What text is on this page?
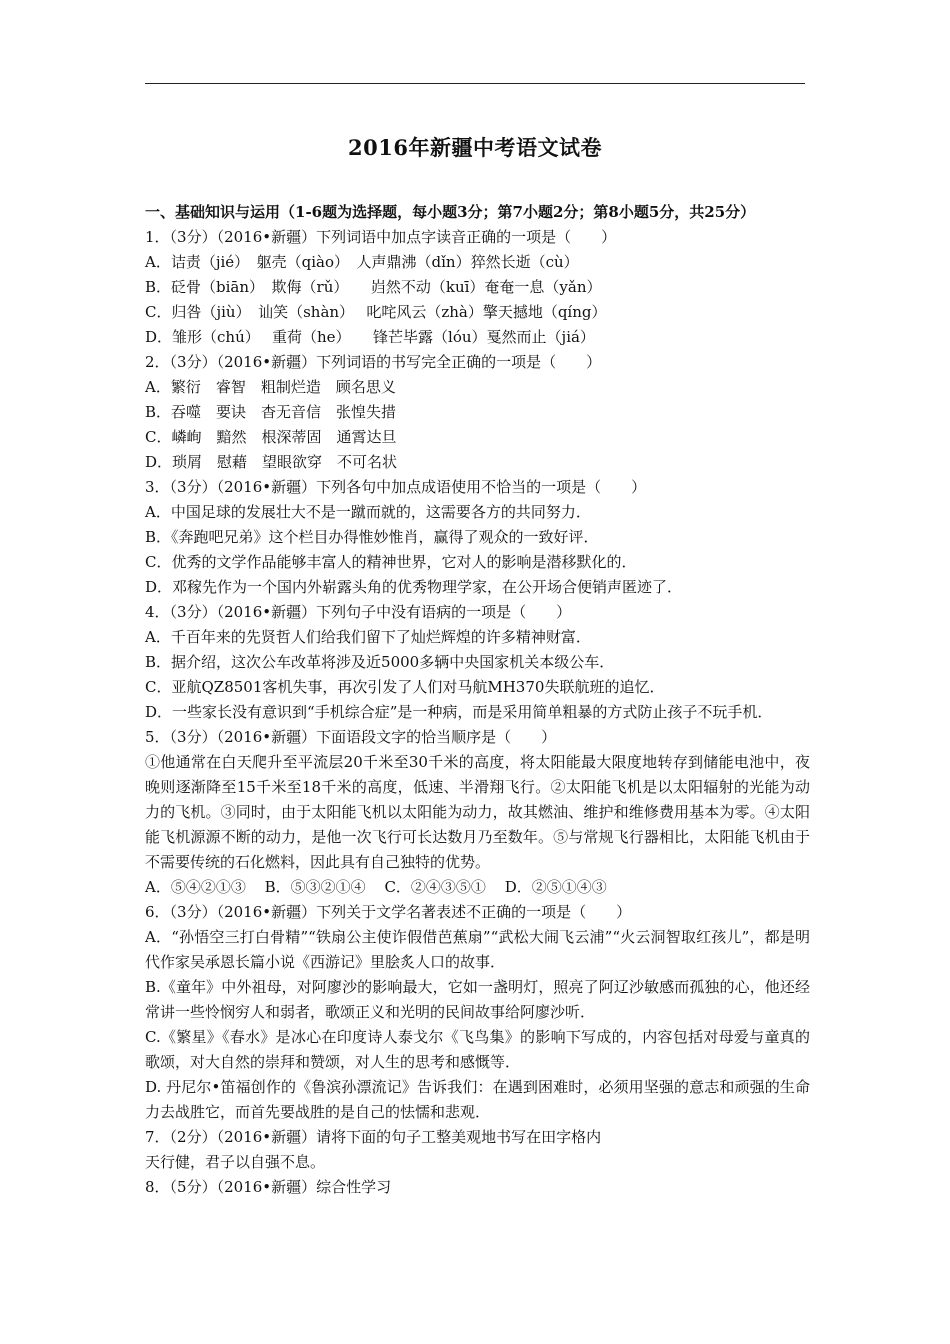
2016年新疆中考语文试卷
一、基础知识与运用（1-6题为选择题，每小题3分；第7小题2分；第8小题5分，共25分）
1．（3分）（2016•新疆）下列词语中加点字读音正确的一项是（　　）
A．诘责（jié）　躯壳（qiào）　人声鼎沸（dǐn）猝然长逝（cù）
B．砭骨（biān）　欺侮（rǔ）　　岿然不动（kuī）奄奄一息（yǎn）
C．归咎（jiù）　讪笑（shàn）　 叱咤风云（zhà）擎天撼地（qíng）
D．雏形（chú）　 重荷（he）　　锋芒毕露（lóu）戛然而止（jiá）
2．（3分）（2016•新疆）下列词语的书写完全正确的一项是（　　）
A．繁衍　睿智　粗制烂造　顾名思义
B．吞噬　要诀　杳无音信　张惶失措
C．嶙峋　黯然　根深蒂固　通霄达旦
D．琐屑　慰藉　望眼欲穿　不可名状
3．（3分）（2016•新疆）下列各句中加点成语使用不恰当的一项是（　　）
A．中国足球的发展壮大不是一蹴而就的，这需要各方的共同努力．
B．《奔跑吧兄弟》这个栏目办得惟妙惟肖，赢得了观众的一致好评．
C．优秀的文学作品能够丰富人的精神世界，它对人的影响是潜移默化的．
D．邓稼先作为一个国内外崭露头角的优秀物理学家，在公开场合便销声匿迹了．
4．（3分）（2016•新疆）下列句子中没有语病的一项是（　　）
A．千百年来的先贤哲人们给我们留下了灿烂辉煌的许多精神财富．
B．据介绍，这次公车改革将涉及近5000多辆中央国家机关本级公车．
C．亚航QZ8501客机失事，再次引发了人们对马航MH370失联航班的追忆．
D．一些家长没有意识到“手机综合症”是一种病，而是采用简单粗暴的方式防止孩子不玩手机．
5．（3分）（2016•新疆）下面语段文字的恰当顺序是（　　）
①他通常在白天爬升至平流层20千米至30千米的高度，将太阳能最大限度地转存到储能电池中，夜晚则逐渐降至15千米至18千米的高度，低速、半滑翔飞行。②太阳能飞机是以太阳辐射的光能为动力的飞机。③同时，由于太阳能飞机以太阳能为动力，故其燃油、维护和维修费用基本为零。④太阳能飞机源源不断的动力，是他一次飞行可长达数月乃至数年。⑤与常规飞行器相比，太阳能飞机由于不需要传统的石化燃料，因此具有自己独特的优势。
A．⑤④②①③ B．⑤③②①④ C．②④③⑤① D．②⑤①④③
6．（3分）（2016•新疆）下列关于文学名著表述不正确的一项是（　　）
A．“孙悟空三打白骨精”“铁扇公主使诈假借芭蕉扇”“武松大闹飞云浦”“火云洞智取红孩儿”，都是明代作家吴承恩长篇小说《西游记》里脍炙人口的故事．
B.《童年》中外祖母，对阿廖沙的影响最大，它如一盏明灯，照亮了阿辽沙敏感而孤独的心，他还经常讲一些怜悯穷人和弱者，歌颂正义和光明的民间故事给阿廖沙听．
C.《繁星》《春水》是冰心在印度诗人泰戈尔《飞鸟集》的影响下写成的，内容包括对母爱与童真的歌颂，对大自然的崇拜和赞颂，对人生的思考和感慨等．
D. 丹尼尔•笛福创作的《鲁滨孙漂流记》告诉我们：在遇到困难时，必须用坚强的意志和顽强的生命力去战胜它，而首先要战胜的是自己的怯懦和悲观．
7．（2分）（2016•新疆）请将下面的句子工整美观地书写在田字格内
天行健，君子以自强不息。
8．（5分）（2016•新疆）综合性学习
